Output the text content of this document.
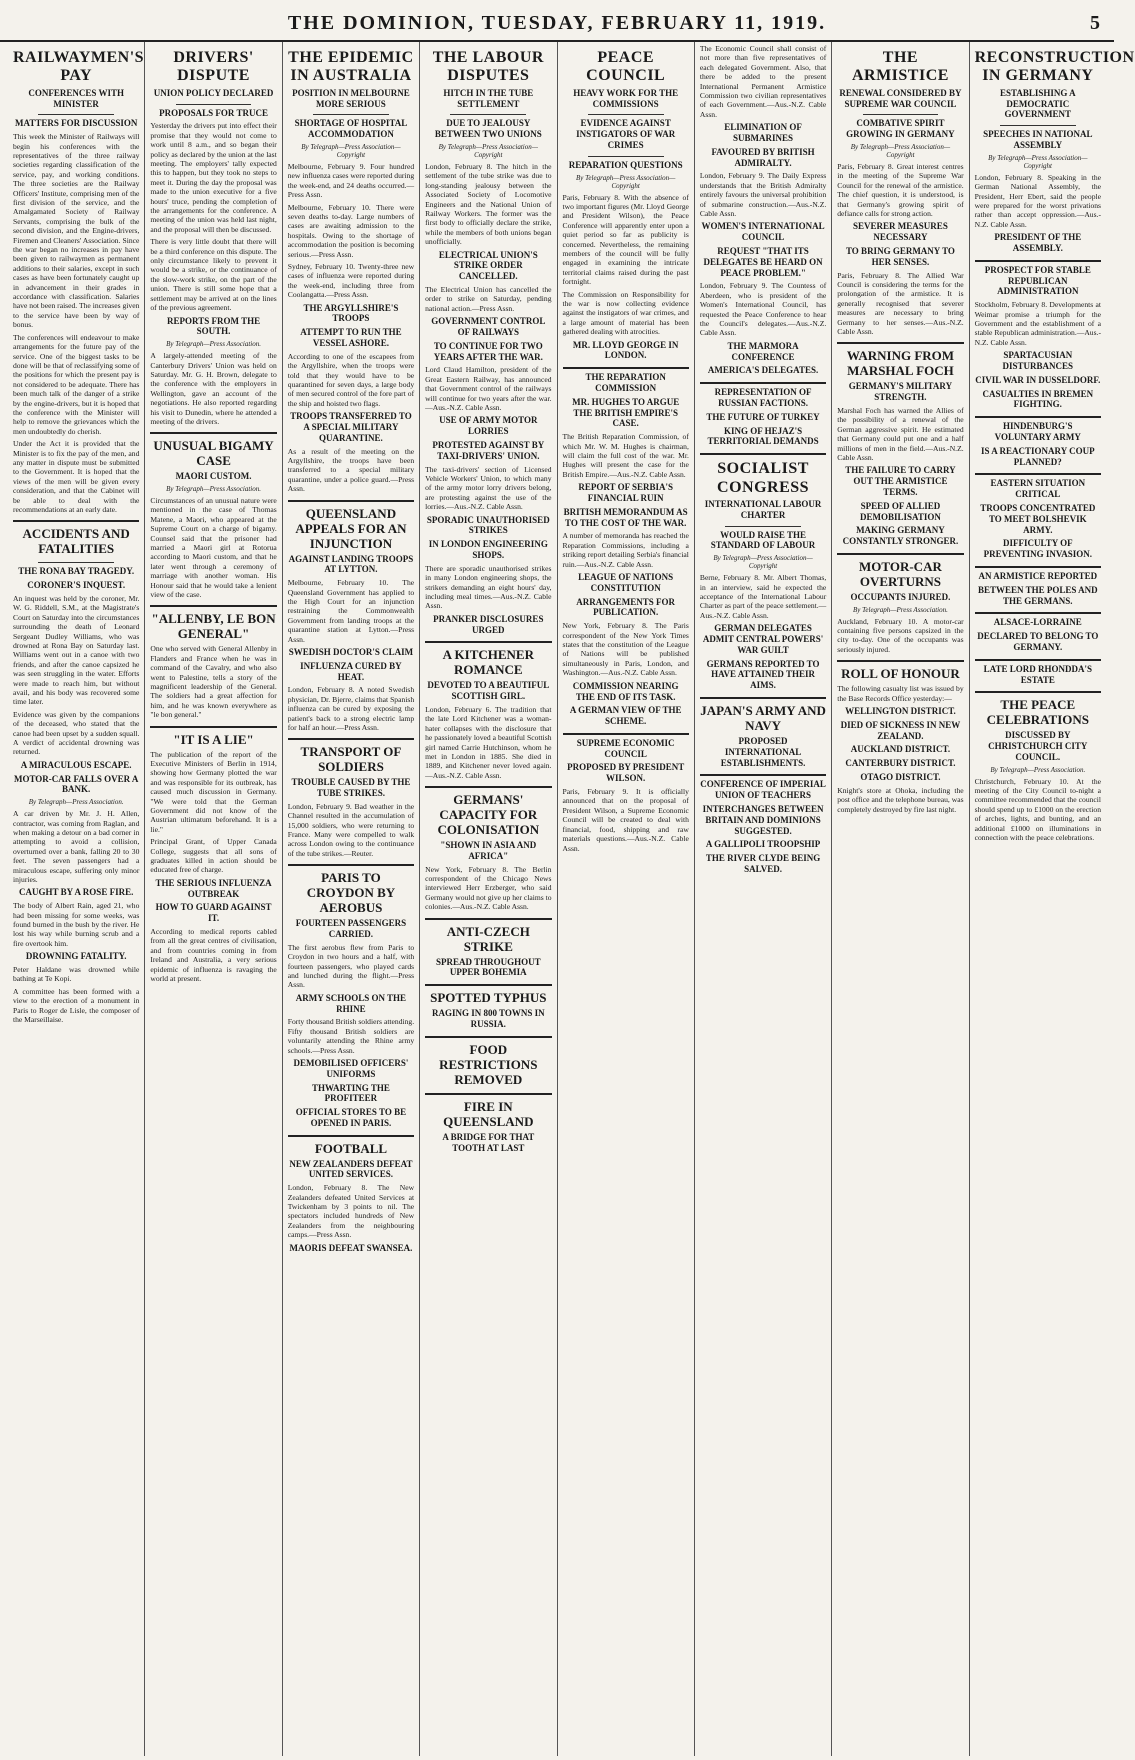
THE DOMINION, TUESDAY, FEBRUARY 11, 1919.	5
RAILWAYMEN'S PAY
CONFERENCES WITH MINISTER
MATTERS FOR DISCUSSION

This week the Minister of Railways will begin his conferences with the representatives of the three railway societies regarding classification of the service, pay, and working conditions. The three societies are the Railway Officers' Institute, comprising men of the first division of the service, and the Amalgamated Society of Railway Servants, comprising the bulk of the second division, and the Engine-drivers, Firemen and Cleaners' Association. Since the war began no increases in pay have been given to railwaymen as permanent additions to their salaries, except in such cases as have been fortunately caught up in advancement in their grades in accordance with classification. Salaries have not been raised. The increases given to the service have been by way of bonus.

The conferences will endeavour to make arrangements for the future pay of the service. One of the biggest tasks to be done will be that of reclassifying some of the positions for which the present pay is not considered to be adequate. There has been much talk of the danger of a strike by the engine-drivers, but it is hoped that the conference with the Minister will help to remove the grievances which the men undoubtedly do cherish.

Under the Act it is provided that the Minister is to fix the pay of the men, and any matter in dispute must be submitted to the Government. It is hoped that the views of the men will be given every consideration, and that the Cabinet will be able to deal with the recommendations at an early date.

ACCIDENTS AND FATALITIES
THE RONA BAY TRAGEDY.
CORONER'S INQUEST.

An inquest was held by the coroner, Mr. W. G. Riddell, S.M., at the Magistrate's Court on Saturday into the circumstances surrounding the death of Leonard Sergeant Dudley Williams, who was drowned at Rona Bay on Saturday last. Williams went out in a canoe with two friends, and after the canoe capsized he was seen struggling in the water. Efforts were made to reach him, but without avail, and his body was recovered some time later.

Evidence was given by the companions of the deceased, who stated that the canoe had been upset by a sudden squall. A verdict of accidental drowning was returned.

A MIRACULOUS ESCAPE.
MOTOR-CAR FALLS OVER A BANK.
By Telegraph—Press Association.

A car driven by Mr. J. H. Allen, contractor, was coming from Raglan, and when making a detour on a bad corner in attempting to avoid a collision, overturned over a bank, falling 20 to 30 feet. The seven passengers had a miraculous escape, suffering only minor injuries.

CAUGHT BY A ROSE FIRE.

The body of Albert Rain, aged 21, who had been missing for some weeks, was found burned in the bush by the river. He lost his way while burning scrub and a fire overtook him.

DROWNING FATALITY.

Peter Haldane was drowned while bathing at Te Kopi.

A committee has been formed with a view to the erection of a monument in Paris to Roger de Lisle, the composer of the Marseillaise.

DRIVERS' DISPUTE
UNION POLICY DECLARED
PROPOSALS FOR TRUCE

Yesterday the drivers put into effect their promise that they would not come to work until 8 a.m., and so began their policy as declared by the union at the last meeting. The employers' tally expected this to happen, but they took no steps to meet it. During the day the proposal was made to the union executive for a five hours' truce, pending the completion of the arrangements for the conference. A meeting of the union was held last night, and the proposal will then be discussed.

There is very little doubt that there will be a third conference on this dispute. The only circumstance likely to prevent it would be a strike, or the continuance of the slow-work strike, on the part of the union. There is still some hope that a settlement may be arrived at on the lines of the previous agreement.

REPORTS FROM THE SOUTH.
By Telegraph—Press Association.

A largely-attended meeting of the Canterbury Drivers' Union was held on Saturday. Mr. G. H. Brown, delegate to the conference with the employers in Wellington, gave an account of the negotiations. He also reported regarding his visit to Dunedin, where he attended a meeting of the drivers.

UNUSUAL BIGAMY CASE
MAORI CUSTOM.
By Telegraph—Press Association.

Circumstances of an unusual nature were mentioned in the case of Thomas Matene, a Maori, who appeared at the Supreme Court on a charge of bigamy. Counsel said that the prisoner had married a Maori girl at Rotorua according to Maori custom, and that he later went through a ceremony of marriage with another woman. His Honour said that he would take a lenient view of the case.

"ALLENBY, LE BON GENERAL"

One who served with General Allenby in Flanders and France when he was in command of the Cavalry, and who also went to Palestine, tells a story of the magnificent leadership of the General. The soldiers had a great affection for him, and he was known everywhere as "le bon general."

"IT IS A LIE"

The publication of the report of the Executive Ministers of Berlin in 1914, showing how Germany plotted the war and was responsible for its outbreak, has caused much discussion in Germany. "We were told that the German Government did not know of the Austrian ultimatum beforehand. It is a lie."

Principal Grant, of Upper Canada College, suggests that all sons of graduates killed in action should be educated free of charge.

THE SERIOUS INFLUENZA OUTBREAK
HOW TO GUARD AGAINST IT.

According to medical reports cabled from all the great centres of civilisation, and from countries coming in from Ireland and Australia, a very serious epidemic of influenza is ravaging the world at present.

THE EPIDEMIC IN AUSTRALIA
POSITION IN MELBOURNE MORE SERIOUS
SHORTAGE OF HOSPITAL ACCOMMODATION
By Telegraph—Press Association—Copyright

Melbourne, February 9. Four hundred new influenza cases were reported during the week-end, and 24 deaths occurred.—Press Assn.

Melbourne, February 10. There were seven deaths to-day. Large numbers of cases are awaiting admission to the hospitals. Owing to the shortage of accommodation the position is becoming serious.—Press Assn.

Sydney, February 10. Twenty-three new cases of influenza were reported during the week-end, including three from Coolangatta.—Press Assn.

THE ARGYLLSHIRE'S TROOPS
ATTEMPT TO RUN THE VESSEL ASHORE.

According to one of the escapees from the Argyllshire, when the troops were told that they would have to be quarantined for seven days, a large body of men secured control of the fore part of the ship and hoisted two flags.

TROOPS TRANSFERRED TO A SPECIAL MILITARY QUARANTINE.

As a result of the meeting on the Argyllshire, the troops have been transferred to a special military quarantine, under a police guard.—Press Assn.

QUEENSLAND APPEALS FOR AN INJUNCTION
AGAINST LANDING TROOPS AT LYTTON.

Melbourne, February 10. The Queensland Government has applied to the High Court for an injunction restraining the Commonwealth Government from landing troops at the quarantine station at Lytton.—Press Assn.

SWEDISH DOCTOR'S CLAIM
INFLUENZA CURED BY HEAT.

London, February 8. A noted Swedish physician, Dr. Bjerre, claims that Spanish influenza can be cured by exposing the patient's back to a strong electric lamp for half an hour.—Press Assn.

TRANSPORT OF SOLDIERS
TROUBLE CAUSED BY THE TUBE STRIKES.

London, February 9. Bad weather in the Channel resulted in the accumulation of 15,000 soldiers, who were returning to France. Many were compelled to walk across London owing to the continuance of the tube strikes.—Reuter.

PARIS TO CROYDON BY AEROBUS
FOURTEEN PASSENGERS CARRIED.

The first aerobus flew from Paris to Croydon in two hours and a half, with fourteen passengers, who played cards and lunched during the flight.—Press Assn.

ARMY SCHOOLS ON THE RHINE

Forty thousand British soldiers attending. Fifty thousand British soldiers are voluntarily attending the Rhine army schools.—Press Assn.

DEMOBILISED OFFICERS' UNIFORMS
THWARTING THE PROFITEER
OFFICIAL STORES TO BE OPENED IN PARIS.
FOOTBALL
NEW ZEALANDERS DEFEAT UNITED SERVICES.

London, February 8. The New Zealanders defeated United Services at Twickenham by 3 points to nil. The spectators included hundreds of New Zealanders from the neighbouring camps.—Press Assn.

MAORIS DEFEAT SWANSEA.
THE LABOUR DISPUTES
HITCH IN THE TUBE SETTLEMENT
DUE TO JEALOUSY BETWEEN TWO UNIONS
By Telegraph—Press Association—Copyright

London, February 8. The hitch in the settlement of the tube strike was due to long-standing jealousy between the Associated Society of Locomotive Engineers and the National Union of Railway Workers. The former was the first body to officially declare the strike, while the members of both unions began unofficially.

ELECTRICAL UNION'S STRIKE ORDER CANCELLED.

The Electrical Union has cancelled the order to strike on Saturday, pending national action.—Press Assn.

GOVERNMENT CONTROL OF RAILWAYS
TO CONTINUE FOR TWO YEARS AFTER THE WAR.

Lord Claud Hamilton, president of the Great Eastern Railway, has announced that Government control of the railways will continue for two years after the war.—Aus.-N.Z. Cable Assn.

USE OF ARMY MOTOR LORRIES
PROTESTED AGAINST BY TAXI-DRIVERS' UNION.

The taxi-drivers' section of Licensed Vehicle Workers' Union, to which many of the army motor lorry drivers belong, are protesting against the use of the lorries.—Aus.-N.Z. Cable Assn.

SPORADIC UNAUTHORISED STRIKES
IN LONDON ENGINEERING SHOPS.

There are sporadic unauthorised strikes in many London engineering shops, the strikers demanding an eight hours' day, including meal times.—Aus.-N.Z. Cable Assn.

PRANKER DISCLOSURES URGED
A KITCHENER ROMANCE
DEVOTED TO A BEAUTIFUL SCOTTISH GIRL.

London, February 6. The tradition that the late Lord Kitchener was a woman-hater collapses with the disclosure that he passionately loved a beautiful Scottish girl named Carrie Hutchinson, whom he met in London in 1885. She died in 1889, and Kitchener never loved again.—Aus.-N.Z. Cable Assn.

GERMANS' CAPACITY FOR COLONISATION
"SHOWN IN ASIA AND AFRICA"

New York, February 8. The Berlin correspondent of the Chicago News interviewed Herr Erzberger, who said Germany would not give up her claims to colonies.—Aus.-N.Z. Cable Assn.

ANTI-CZECH STRIKE
SPREAD THROUGHOUT UPPER BOHEMIA
SPOTTED TYPHUS
RAGING IN 800 TOWNS IN RUSSIA.
FOOD RESTRICTIONS REMOVED
FIRE IN QUEENSLAND
A BRIDGE FOR THAT TOOTH AT LAST
PEACE COUNCIL
HEAVY WORK FOR THE COMMISSIONS
EVIDENCE AGAINST INSTIGATORS OF WAR CRIMES
REPARATION QUESTIONS
By Telegraph—Press Association—Copyright

Paris, February 8. With the absence of two important figures (Mr. Lloyd George and President Wilson), the Peace Conference will apparently enter upon a quiet period so far as publicity is concerned. Nevertheless, the remaining members of the council will be fully engaged in examining the intricate territorial claims raised during the past fortnight.

The Commission on Responsibility for the war is now collecting evidence against the instigators of war crimes, and a large amount of material has been gathered dealing with atrocities.

MR. LLOYD GEORGE IN LONDON.
THE REPARATION COMMISSION
MR. HUGHES TO ARGUE THE BRITISH EMPIRE'S CASE.

The British Reparation Commission, of which Mr. W. M. Hughes is chairman, will claim the full cost of the war. Mr. Hughes will present the case for the British Empire.—Aus.-N.Z. Cable Assn.

REPORT OF SERBIA'S FINANCIAL RUIN
BRITISH MEMORANDUM AS TO THE COST OF THE WAR.

A number of memoranda has reached the Reparation Commissions, including a striking report detailing Serbia's financial ruin.—Aus.-N.Z. Cable Assn.

LEAGUE OF NATIONS CONSTITUTION
ARRANGEMENTS FOR PUBLICATION.

New York, February 8. The Paris correspondent of the New York Times states that the constitution of the League of Nations will be published simultaneously in Paris, London, and Washington.—Aus.-N.Z. Cable Assn.

COMMISSION NEARING THE END OF ITS TASK.
A GERMAN VIEW OF THE SCHEME.
SUPREME ECONOMIC COUNCIL
PROPOSED BY PRESIDENT WILSON.

Paris, February 9. It is officially announced that on the proposal of President Wilson, a Supreme Economic Council will be created to deal with financial, food, shipping and raw materials questions.—Aus.-N.Z. Cable Assn.

The Economic Council shall consist of not more than five representatives of each delegated Government. Also, that there be added to the present International Permanent Armistice Commission two civilian representatives of each Government.—Aus.-N.Z. Cable Assn.

ELIMINATION OF SUBMARINES
FAVOURED BY BRITISH ADMIRALTY.

London, February 9. The Daily Express understands that the British Admiralty entirely favours the universal prohibition of submarine construction.—Aus.-N.Z. Cable Assn.

WOMEN'S INTERNATIONAL COUNCIL
REQUEST "THAT ITS DELEGATES BE HEARD ON PEACE PROBLEM."

London, February 9. The Countess of Aberdeen, who is president of the Women's International Council, has requested the Peace Conference to hear the Council's delegates.—Aus.-N.Z. Cable Assn.

THE MARMORA CONFERENCE
AMERICA'S DELEGATES.
REPRESENTATION OF RUSSIAN FACTIONS.
THE FUTURE OF TURKEY
KING OF HEJAZ'S TERRITORIAL DEMANDS
SOCIALIST CONGRESS
INTERNATIONAL LABOUR CHARTER
WOULD RAISE THE STANDARD OF LABOUR
By Telegraph—Press Association—Copyright

Berne, February 8. Mr. Albert Thomas, in an interview, said he expected the acceptance of the International Labour Charter as part of the peace settlement.—Aus.-N.Z. Cable Assn.

GERMAN DELEGATES ADMIT CENTRAL POWERS' WAR GUILT
GERMANS REPORTED TO HAVE ATTAINED THEIR AIMS.
JAPAN'S ARMY AND NAVY
PROPOSED INTERNATIONAL ESTABLISHMENTS.
CONFERENCE OF IMPERIAL UNION OF TEACHERS
INTERCHANGES BETWEEN BRITAIN AND DOMINIONS SUGGESTED.
A GALLIPOLI TROOPSHIP
THE RIVER CLYDE BEING SALVED.
THE ARMISTICE
RENEWAL CONSIDERED BY SUPREME WAR COUNCIL
COMBATIVE SPIRIT GROWING IN GERMANY
By Telegraph—Press Association—Copyright

Paris, February 8. Great interest centres in the meeting of the Supreme War Council for the renewal of the armistice. The chief question, it is understood, is that Germany's growing spirit of defiance calls for strong action.

SEVERER MEASURES NECESSARY
TO BRING GERMANY TO HER SENSES.

Paris, February 8. The Allied War Council is considering the terms for the prolongation of the armistice. It is generally recognised that severer measures are necessary to bring Germany to her senses.—Aus.-N.Z. Cable Assn.

WARNING FROM MARSHAL FOCH
GERMANY'S MILITARY STRENGTH.

Marshal Foch has warned the Allies of the possibility of a renewal of the German aggressive spirit. He estimated that Germany could put one and a half millions of men in the field.—Aus.-N.Z. Cable Assn.

THE FAILURE TO CARRY OUT THE ARMISTICE TERMS.
SPEED OF ALLIED DEMOBILISATION
MAKING GERMANY CONSTANTLY STRONGER.
MOTOR-CAR OVERTURNS
OCCUPANTS INJURED.
By Telegraph—Press Association.

Auckland, February 10. A motor-car containing five persons capsized in the city to-day. One of the occupants was seriously injured.

ROLL OF HONOUR

The following casualty list was issued by the Base Records Office yesterday:—

WELLINGTON DISTRICT.
DIED OF SICKNESS IN NEW ZEALAND.
AUCKLAND DISTRICT.
CANTERBURY DISTRICT.
OTAGO DISTRICT.

Knight's store at Ohoka, including the post office and the telephone bureau, was completely destroyed by fire last night.

RECONSTRUCTION IN GERMANY
ESTABLISHING A DEMOCRATIC GOVERNMENT
SPEECHES IN NATIONAL ASSEMBLY
By Telegraph—Press Association—Copyright

London, February 8. Speaking in the German National Assembly, the President, Herr Ebert, said the people were prepared for the worst privations rather than accept oppression.—Aus.-N.Z. Cable Assn.

PRESIDENT OF THE ASSEMBLY.
PROSPECT FOR STABLE REPUBLICAN ADMINISTRATION

Stockholm, February 8. Developments at Weimar promise a triumph for the Government and the establishment of a stable Republican administration.—Aus.-N.Z. Cable Assn.

SPARTACUSIAN DISTURBANCES
CIVIL WAR IN DUSSELDORF.
CASUALTIES IN BREMEN FIGHTING.
HINDENBURG'S VOLUNTARY ARMY
IS A REACTIONARY COUP PLANNED?
EASTERN SITUATION CRITICAL
TROOPS CONCENTRATED TO MEET BOLSHEVIK ARMY.
DIFFICULTY OF PREVENTING INVASION.
AN ARMISTICE REPORTED
BETWEEN THE POLES AND THE GERMANS.
ALSACE-LORRAINE
DECLARED TO BELONG TO GERMANY.
LATE LORD RHONDDA'S ESTATE
THE PEACE CELEBRATIONS
DISCUSSED BY CHRISTCHURCH CITY COUNCIL.
By Telegraph—Press Association.

Christchurch, February 10. At the meeting of the City Council to-night a committee recommended that the council should spend up to £1000 on the erection of arches, lights, and bunting, and an additional £1000 on illuminations in connection with the peace celebrations.
